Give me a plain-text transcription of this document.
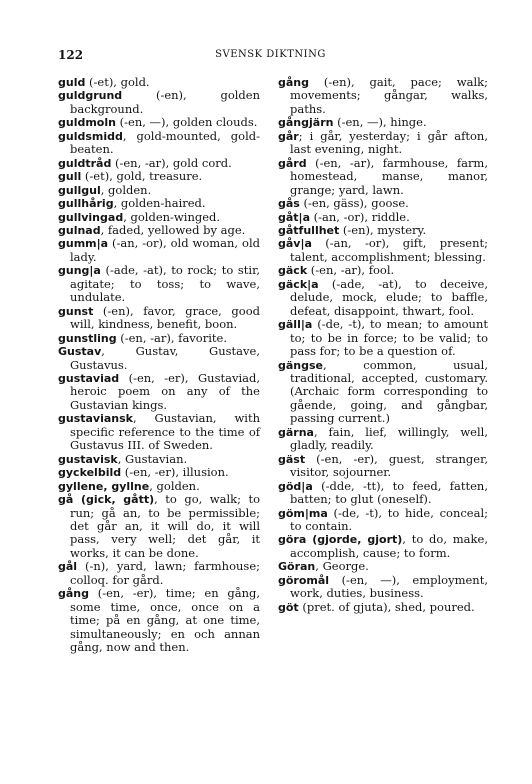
122	SVENSK DIKTNING

guld (-et), gold.

guldgrund (-en), golden background.

guldmoln (-en, —), golden clouds.

guldsmidd, gold-mounted, gold-beaten.

guldtråd (-en, -ar), gold cord.

gull (-et), gold, treasure.

gullgul, golden.

gullhårig, golden-haired.

gullvingad, golden-winged.

gulnad, faded, yellowed by age.

gumm|a (-an, -or), old woman, old lady.

gung|a (-ade, -at), to rock; to stir, agitate; to toss; to wave, undulate.

gunst (-en), favor, grace, good will, kindness, benefit, boon.

gunstling (-en, -ar), favorite.

Gustav, Gustav, Gustave, Gustavus.

gustaviad (-en, -er), Gustaviad, heroic poem on any of the Gustavian kings.

gustaviansk, Gustavian, with specific reference to the time of Gustavus III. of Sweden.

gustavisk, Gustavian.

gyckelbild (-en, -er), illusion.

gyllene, gyllne, golden.

gå (gick, gått), to go, walk; to run; gå an, to be permissible; det går an, it will do, it will pass, very well; det går, it works, it can be done.

gål (-n), yard, lawn; farmhouse; colloq. for gård.

gång (-en, -er), time; en gång, some time, once, once on a time; på en gång, at one time, simultaneously; en och annan gång, now and then.

gång (-en), gait, pace; walk; movements; gångar, walks, paths.

gångjärn (-en, —), hinge.

går; i går, yesterday; i går afton, last evening, night.

gård (-en, -ar), farmhouse, farm, homestead, manse, manor, grange; yard, lawn.

gås (-en, gäss), goose.

gåt|a (-an, -or), riddle.

gåtfullhet (-en), mystery.

gåv|a (-an, -or), gift, present; talent, accomplishment; blessing.

gäck (-en, -ar), fool.

gäck|a (-ade, -at), to deceive, delude, mock, elude; to baffle, defeat, disappoint, thwart, fool.

gäll|a (-de, -t), to mean; to amount to; to be in force; to be valid; to pass for; to be a question of.

gängse, common, usual, traditional, accepted, customary. (Archaic form corresponding to gående, going, and gångbar, passing current.)

gärna, fain, lief, willingly, well, gladly, readily.

gäst (-en, -er), guest, stranger, visitor, sojourner.

göd|a (-dde, -tt), to feed, fatten, batten; to glut (oneself).

göm|ma (-de, -t), to hide, conceal; to contain.

göra (gjorde, gjort), to do, make, accomplish, cause; to form.

Göran, George.

göromål (-en, —), employment, work, duties, business.

göt (pret. of gjuta), shed, poured.
